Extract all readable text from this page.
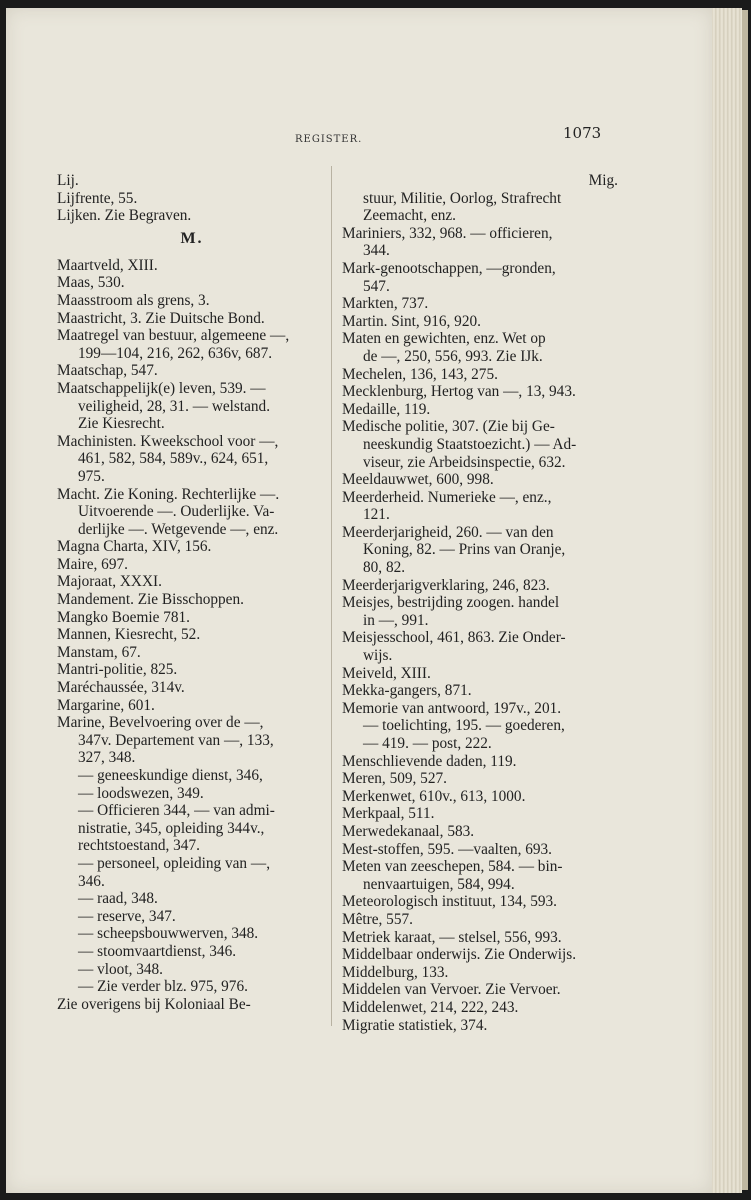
REGISTER.	1073
Lij.
Lijfrente, 55.
Lijken. Zie Begraven.
M.
Maartveld, XIII.
Maas, 530.
Maasstroom als grens, 3.
Maastricht, 3. Zie Duitsche Bond.
Maatregel van bestuur, algemeene —,
199—104, 216, 262, 636v, 687.
Maatschap, 547.
Maatschappelijk(e) leven, 539. —
veiligheid, 28, 31. — welstand.
Zie Kiesrecht.
Machinisten. Kweekschool voor —,
461, 582, 584, 589v., 624, 651,
975.
Macht. Zie Koning. Rechterlijke —.
Uitvoerende —. Ouderlijke. Va-
derlijke —. Wetgevende —, enz.
Magna Charta, XIV, 156.
Maire, 697.
Majoraat, XXXI.
Mandement. Zie Bisschoppen.
Mangko Boemie 781.
Mannen, Kiesrecht, 52.
Manstam, 67.
Mantri-politie, 825.
Maréchaussée, 314v.
Margarine, 601.
Marine, Bevelvoering over de —,
347v. Departement van —, 133,
327, 348.
— geneeskundige dienst, 346,
— loodswezen, 349.
— Officieren 344, — van admi-
nistratie, 345, opleiding 344v.,
rechtstoestand, 347.
— personeel, opleiding van —,
346.
— raad, 348.
— reserve, 347.
— scheepsbouwwerven, 348.
— stoomvaartdienst, 346.
— vloot, 348.
— Zie verder blz. 975, 976.
Zie overigens bij Koloniaal Be-
Mig.
stuur, Militie, Oorlog, Strafrecht
Zeemacht, enz.
Mariniers, 332, 968. — officieren,
344.
Mark-genootschappen, —gronden,
547.
Markten, 737.
Martin. Sint, 916, 920.
Maten en gewichten, enz. Wet op
de —, 250, 556, 993. Zie IJk.
Mechelen, 136, 143, 275.
Mecklenburg, Hertog van —, 13, 943.
Medaille, 119.
Medische politie, 307. (Zie bij Ge-
neeskundig Staatstoezicht.) — Ad-
viseur, zie Arbeidsinspectie, 632.
Meeldauwwet, 600, 998.
Meerderheid. Numerieke —, enz.,
121.
Meerderjarigheid, 260. — van den
Koning, 82. — Prins van Oranje,
80, 82.
Meerderjarigverklaring, 246, 823.
Meisjes, bestrijding zoogen. handel
in —, 991.
Meisjesschool, 461, 863. Zie Onder-
wijs.
Meiveld, XIII.
Mekka-gangers, 871.
Memorie van antwoord, 197v., 201.
— toelichting, 195. — goederen,
— 419. — post, 222.
Menschlievende daden, 119.
Meren, 509, 527.
Merkenwet, 610v., 613, 1000.
Merkpaal, 511.
Merwedekanaal, 583.
Mest-stoffen, 595. —vaalten, 693.
Meten van zeeschepen, 584. — bin-
nenvaartuigen, 584, 994.
Meteorologisch instituut, 134, 593.
Mêtre, 557.
Metriek karaat, — stelsel, 556, 993.
Middelbaar onderwijs. Zie Onderwijs.
Middelburg, 133.
Middelen van Vervoer. Zie Vervoer.
Middelenwet, 214, 222, 243.
Migratie statistiek, 374.
